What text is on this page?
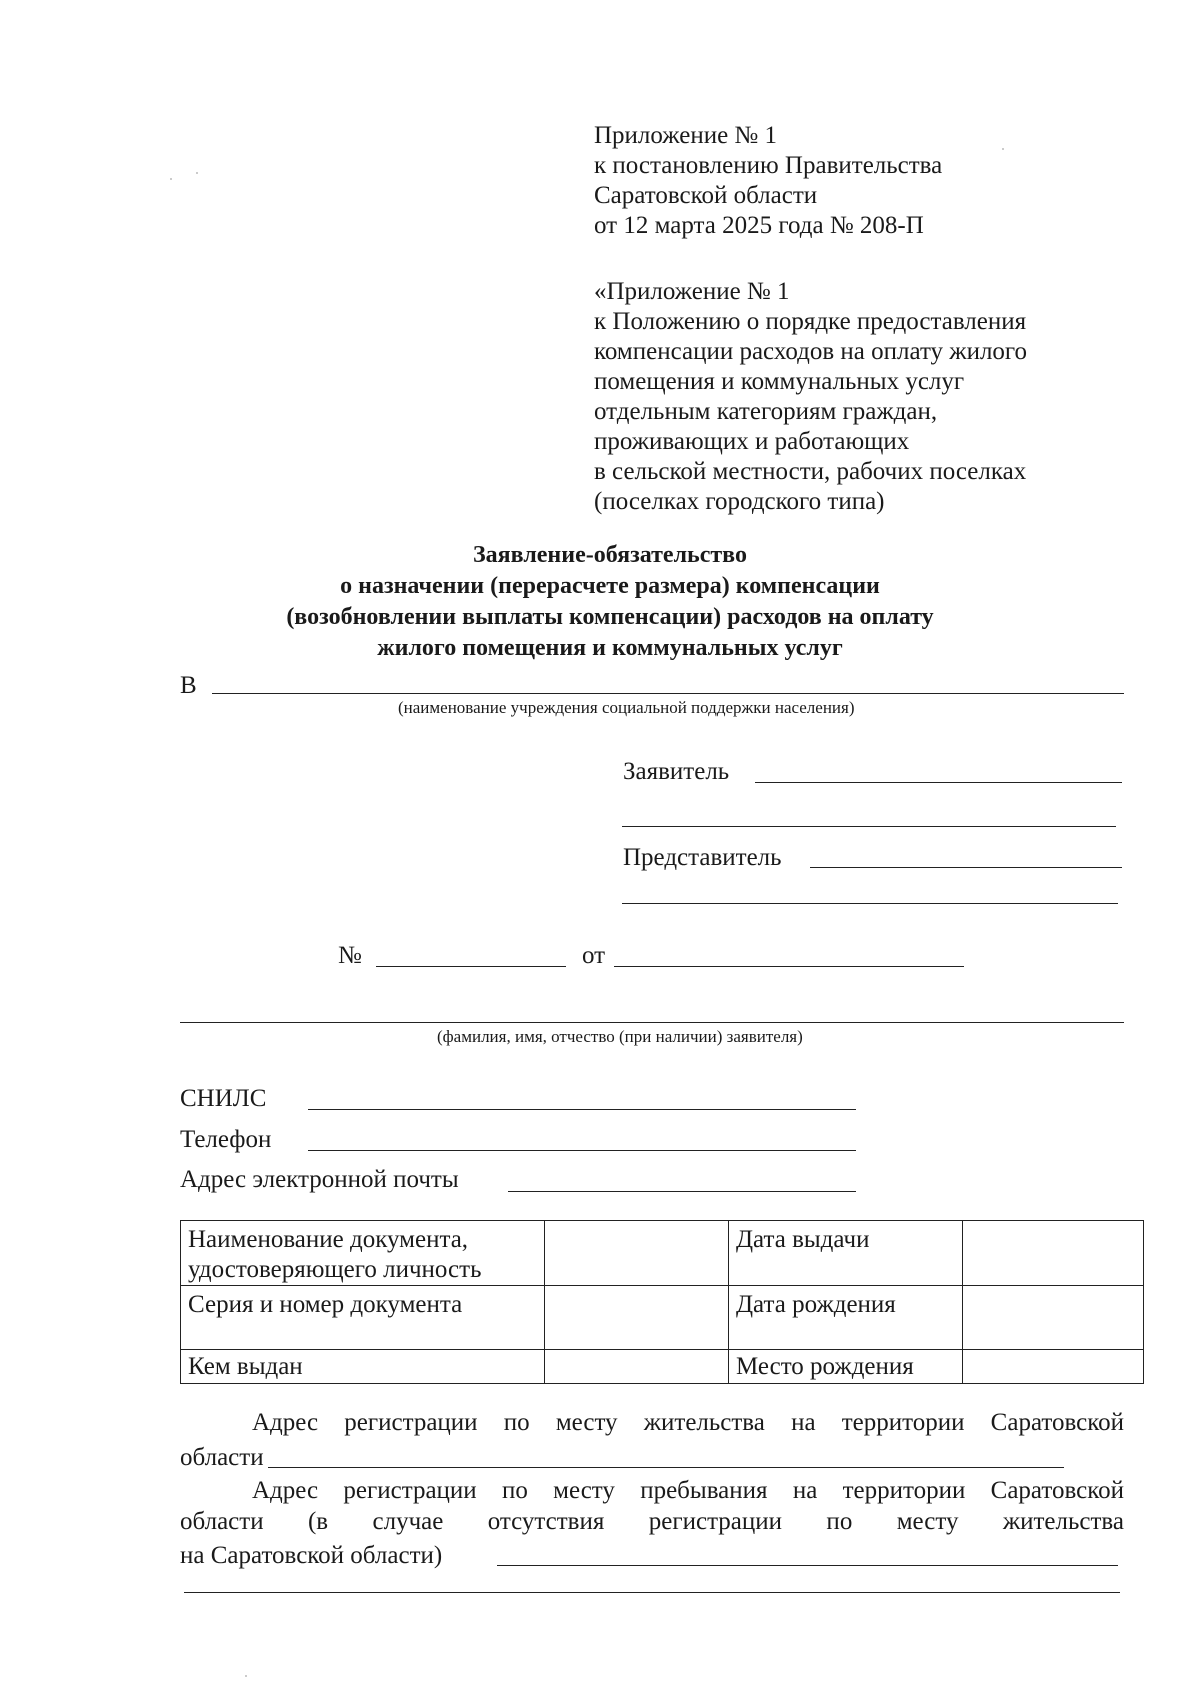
Приложение № 1
к постановлению Правительства
Саратовской области
от 12 марта 2025 года № 208-П
«Приложение № 1
к Положению о порядке предоставления
компенсации расходов на оплату жилого
помещения и коммунальных услуг
отдельным категориям граждан,
проживающих и работающих
в сельской местности, рабочих поселках
(поселках городского типа)
Заявление-обязательство
о назначении (перерасчете размера) компенсации
(возобновлении выплаты компенсации) расходов на оплату
жилого помещения и коммунальных услуг
В
(наименование учреждения социальной поддержки населения)
Заявитель
Представитель
№	от
(фамилия, имя, отчество (при наличии) заявителя)
СНИЛС
Телефон
Адрес электронной почты
Наименование документа, удостоверяющего личность		Дата выдачи	
Серия и номер документа		Дата рождения	
Кем выдан		Место рождения	
Адрес регистрации по месту жительства на территории Саратовской
области
Адрес регистрации по месту пребывания на территории Саратовской
области (в случае отсутствия регистрации по месту жительства
на Саратовской области)
